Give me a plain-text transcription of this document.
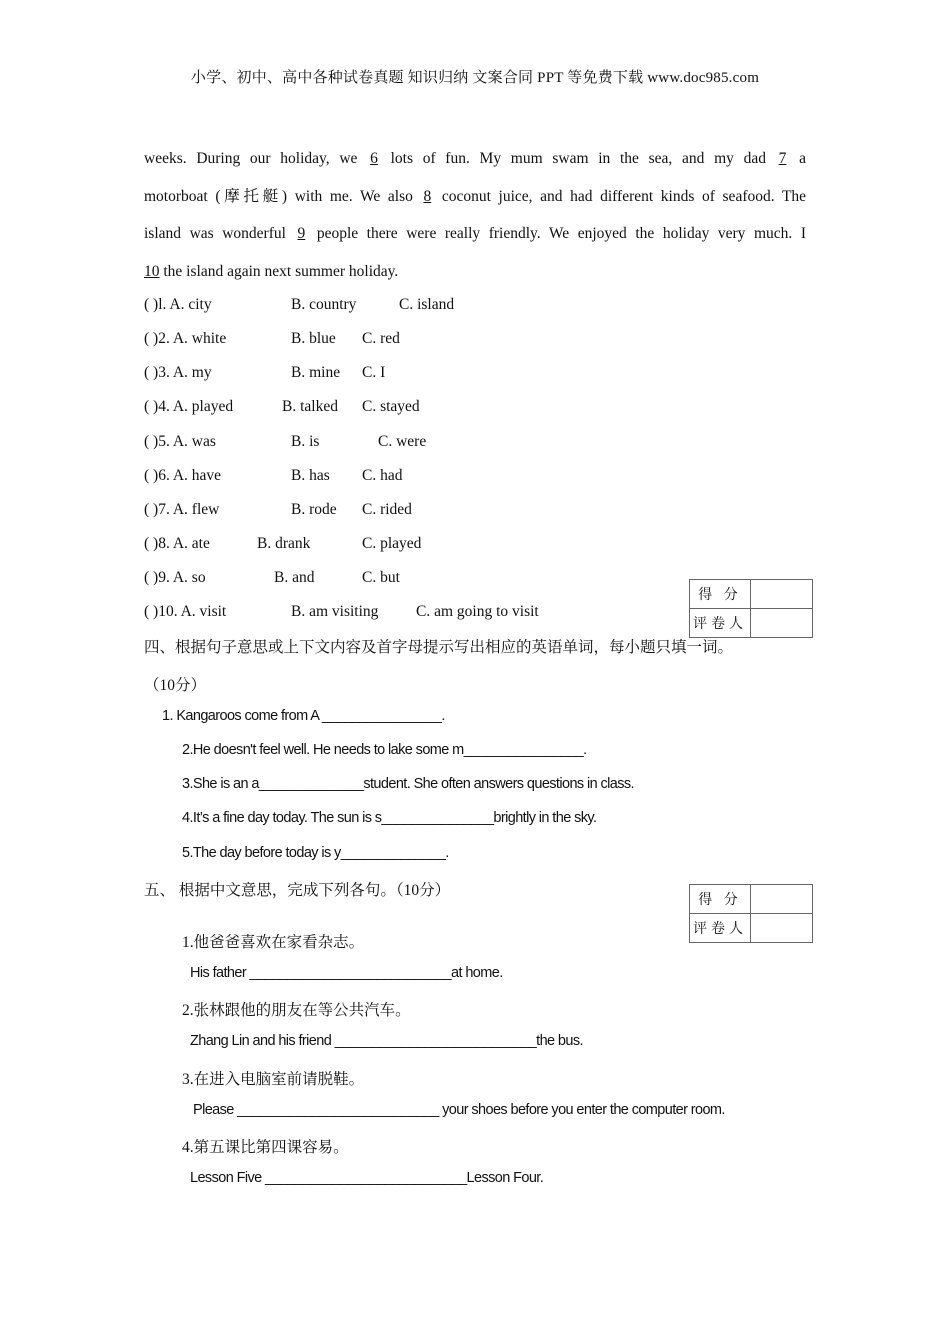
小学、初中、高中各种试卷真题 知识归纳 文案合同 PPT 等免费下载 www.doc985.com
weeks. During our holiday, we 6 lots of fun. My mum swam in the sea, and my dad 7 a
motorboat (摩托艇) with me. We also 8 coconut juice, and had different kinds of seafood. The
island was wonderful 9 people there were really friendly. We enjoyed the holiday very much. I
10 the island again next summer holiday.
( )l. A. city	B. country	C. island
( )2. A. white	B. blue C. red
( )3. A. my	B. mine C. I
( )4. A. played	B. talked C. stayed
( )5. A. was	B. is	C. were
( )6. A. have	B. has C. had
( )7. A. flew	B. rode C. rided
( )8. A. ate	B. drank	C. played
( )9. A. so	B. and	C. but
( )10. A. visit	B. am visiting C. am going to visit
得 分	
评卷人	
四、根据句子意思或上下文内容及首字母提示写出相应的英语单词，每小题只填一词。
（10分）
1. Kangaroos come from A ________________.
2.He doesn't feel well. He needs to lake some m________________.
3.She is an a______________student. She often answers questions in class.
4.It’s a fine day today. The sun is s_______________brightly in the sky.
5.The day before today is y______________.
五、 根据中文意思，完成下列各句。（10分）
得 分	
评卷人	
1.他爸爸喜欢在家看杂志。
His father ___________________________at home.
2.张林跟他的朋友在等公共汽车。
Zhang Lin and his friend ___________________________the bus.
3.在进入电脑室前请脱鞋。
Please ___________________________ your shoes before you enter the computer room.
4.第五课比第四课容易。
Lesson Five ___________________________Lesson Four.
